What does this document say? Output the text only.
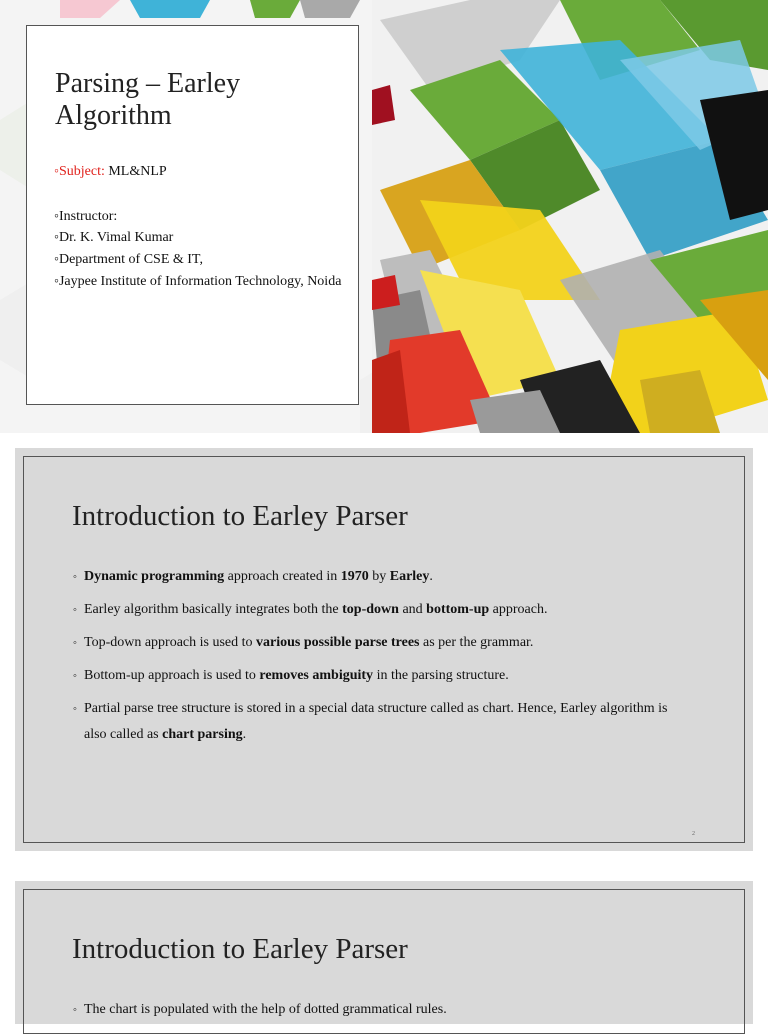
Parsing – Earley Algorithm
◦Subject: ML&NLP
◦Instructor:
◦Dr. K. Vimal Kumar
◦Department of CSE & IT,
◦Jaypee Institute of Information Technology, Noida
Introduction to Earley Parser
◦ Dynamic programming approach created in 1970 by Earley.
◦ Earley algorithm basically integrates both the top-down and bottom-up approach.
◦ Top-down approach is used to various possible parse trees as per the grammar.
◦ Bottom-up approach is used to removes ambiguity in the parsing structure.
◦ Partial parse tree structure is stored in a special data structure called as chart. Hence, Earley algorithm is also called as chart parsing.
2
Introduction to Earley Parser
◦ The chart is populated with the help of dotted grammatical rules.
